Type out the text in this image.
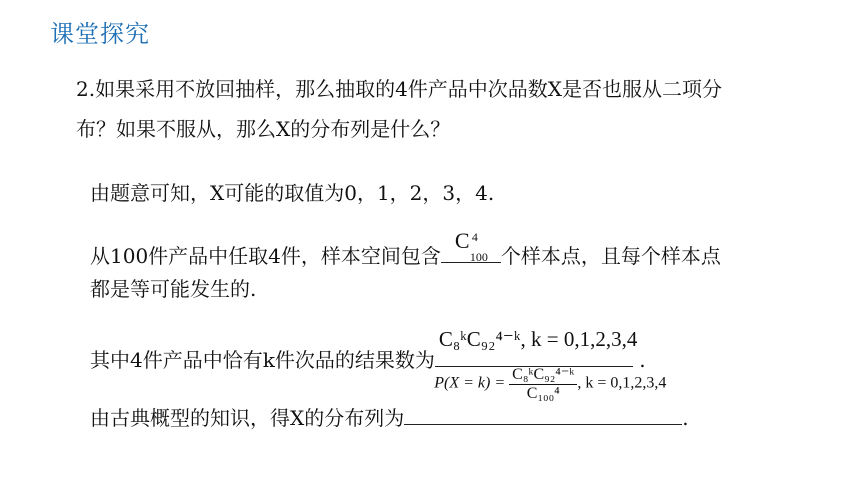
课堂探究
2.如果采用不放回抽样，那么抽取的4件产品中次品数X是否也服从二项分
布？如果不服从，那么X的分布列是什么？
由题意可知，X可能的取值为0，1，2，3，4.
从100件产品中任取4件，样本空间包含
C 4
100 个样本点，且每个样本点
都是等可能发生的.
其中4件产品中恰有k件次品的结果数为
C₈ᵏC₉₂⁴⁻ᵏ, k = 0,1,2,3,4
.
由古典概型的知识，得X的分布列为
$P(X = k) = \frac{\text{C₈ᵏC₉₂⁴⁻ᵏ}}{\text{C₁₀₀⁴}}$ , k = 0,1,2,3,4
.
